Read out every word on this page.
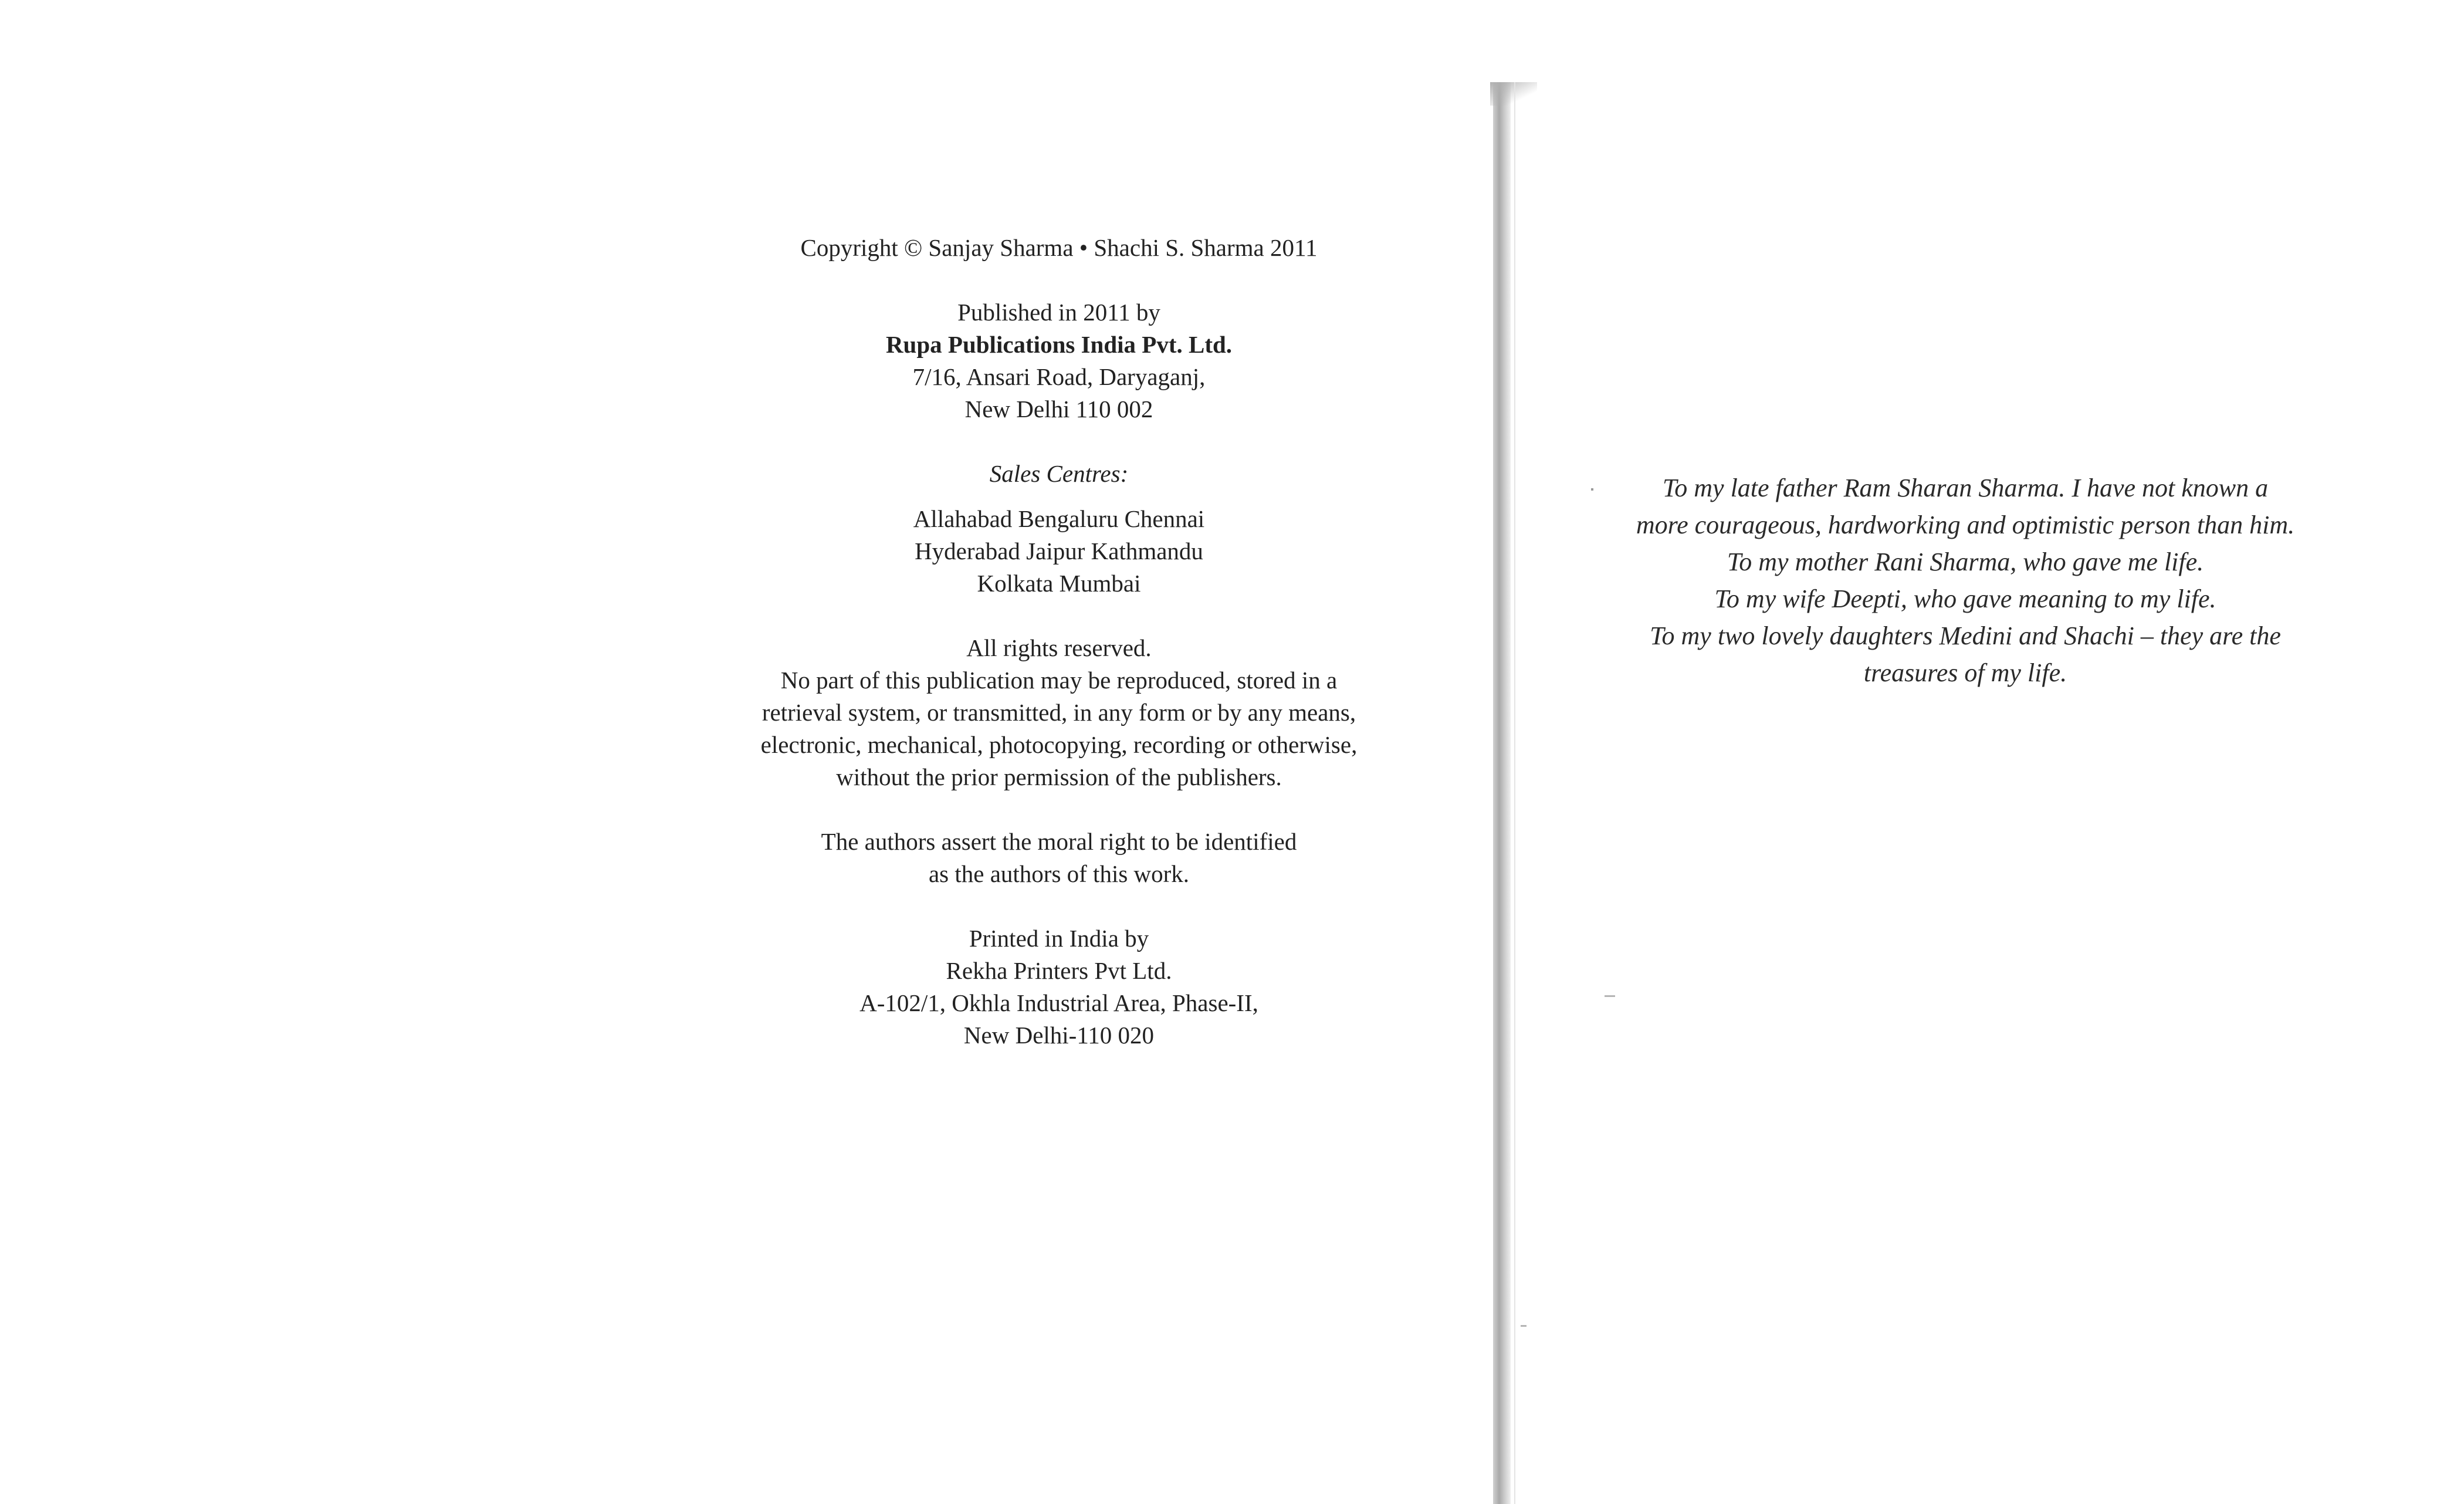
Copyright © Sanjay Sharma • Shachi S. Sharma 2011

Published in 2011 by

Rupa Publications India Pvt. Ltd.

7/16, Ansari Road, Daryaganj,

New Delhi 110 002

Sales Centres:

Allahabad Bengaluru Chennai

Hyderabad Jaipur Kathmandu

Kolkata Mumbai

All rights reserved.

No part of this publication may be reproduced, stored in a

retrieval system, or transmitted, in any form or by any means,

electronic, mechanical, photocopying, recording or otherwise,

without the prior permission of the publishers.

The authors assert the moral right to be identified

as the authors of this work.

Printed in India by

Rekha Printers Pvt Ltd.

A-102/1, Okhla Industrial Area, Phase-II,

New Delhi-110 020

To my late father Ram Sharan Sharma. I have not known a

more courageous, hardworking and optimistic person than him.

To my mother Rani Sharma, who gave me life.

To my wife Deepti, who gave meaning to my life.

To my two lovely daughters Medini and Shachi – they are the

treasures of my life.
